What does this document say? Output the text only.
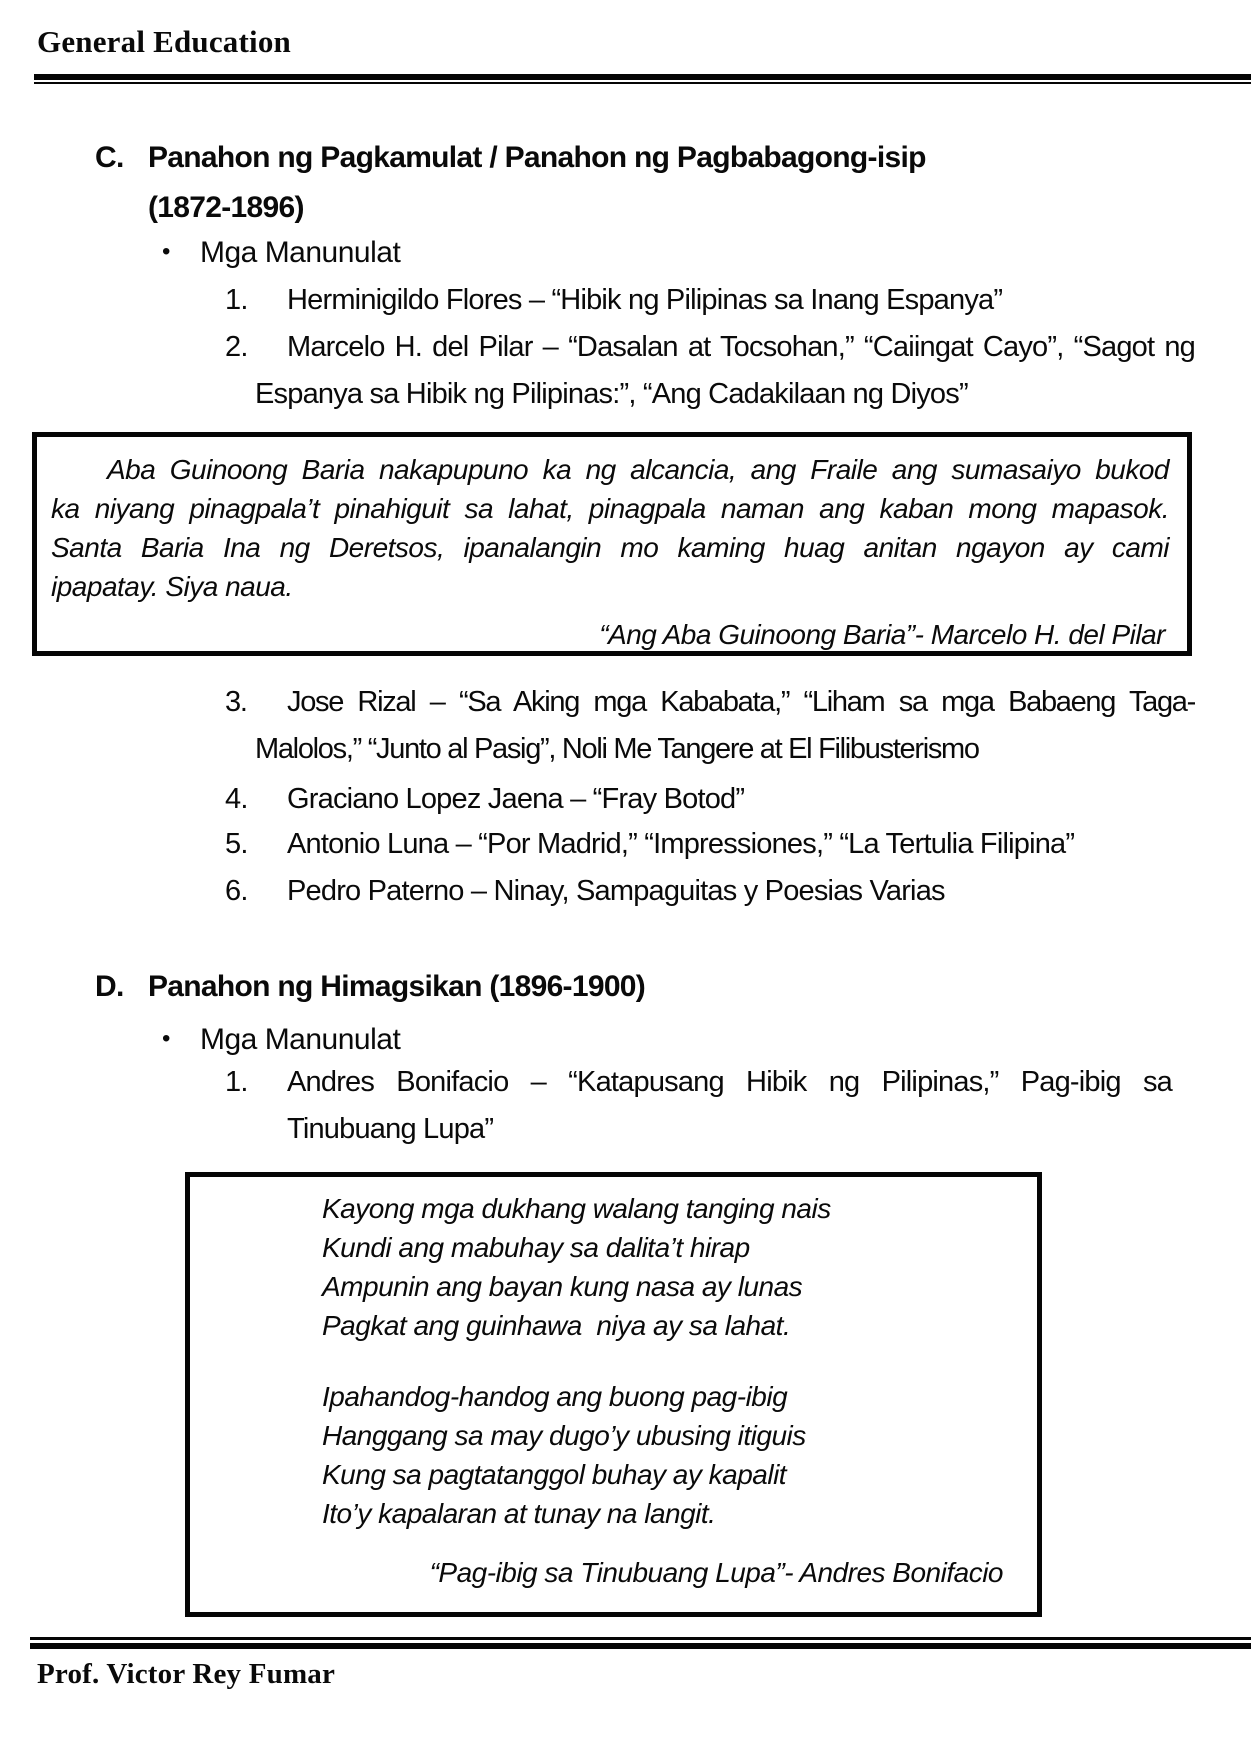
General Education
C. Panahon ng Pagkamulat / Panahon ng Pagbabagong-isip
(1872-1896)
• Mga Manunulat
1. Herminigildo Flores – “Hibik ng Pilipinas sa Inang Espanya”
2. Marcelo H. del Pilar – “Dasalan at Tocsohan,” “Caiingat Cayo”, “Sagot ng Espanya sa Hibik ng Pilipinas:”, “Ang Cadakilaan ng Diyos”
Aba Guinoong Baria nakapupuno ka ng alcancia, ang Fraile ang sumasaiyo bukod
ka niyang pinagpala’t pinahiguit sa lahat, pinagpala naman ang kaban mong mapasok.
Santa Baria Ina ng Deretsos, ipanalangin mo kaming huag anitan ngayon ay cami
ipapatay. Siya naua.
“Ang Aba Guinoong Baria”- Marcelo H. del Pilar
3. Jose Rizal – “Sa Aking mga Kababata,” “Liham sa mga Babaeng Taga-Malolos,” “Junto al Pasig”, Noli Me Tangere at El Filibusterismo
4. Graciano Lopez Jaena – “Fray Botod”
5. Antonio Luna – “Por Madrid,” “Impressiones,” “La Tertulia Filipina”
6. Pedro Paterno – Ninay, Sampaguitas y Poesias Varias
D. Panahon ng Himagsikan (1896-1900)
• Mga Manunulat
1. Andres Bonifacio – “Katapusang Hibik ng Pilipinas,” Pag-ibig sa Tinubuang Lupa”
Kayong mga dukhang walang tanging nais
Kundi ang mabuhay sa dalita’t hirap
Ampunin ang bayan kung nasa ay lunas
Pagkat ang guinhawa  niya ay sa lahat.
Ipahandog-handog ang buong pag-ibig
Hanggang sa may dugo’y ubusing itiguis
Kung sa pagtatanggol buhay ay kapalit
Ito’y kapalaran at tunay na langit.
“Pag-ibig sa Tinubuang Lupa”- Andres Bonifacio
Prof. Victor Rey Fumar
